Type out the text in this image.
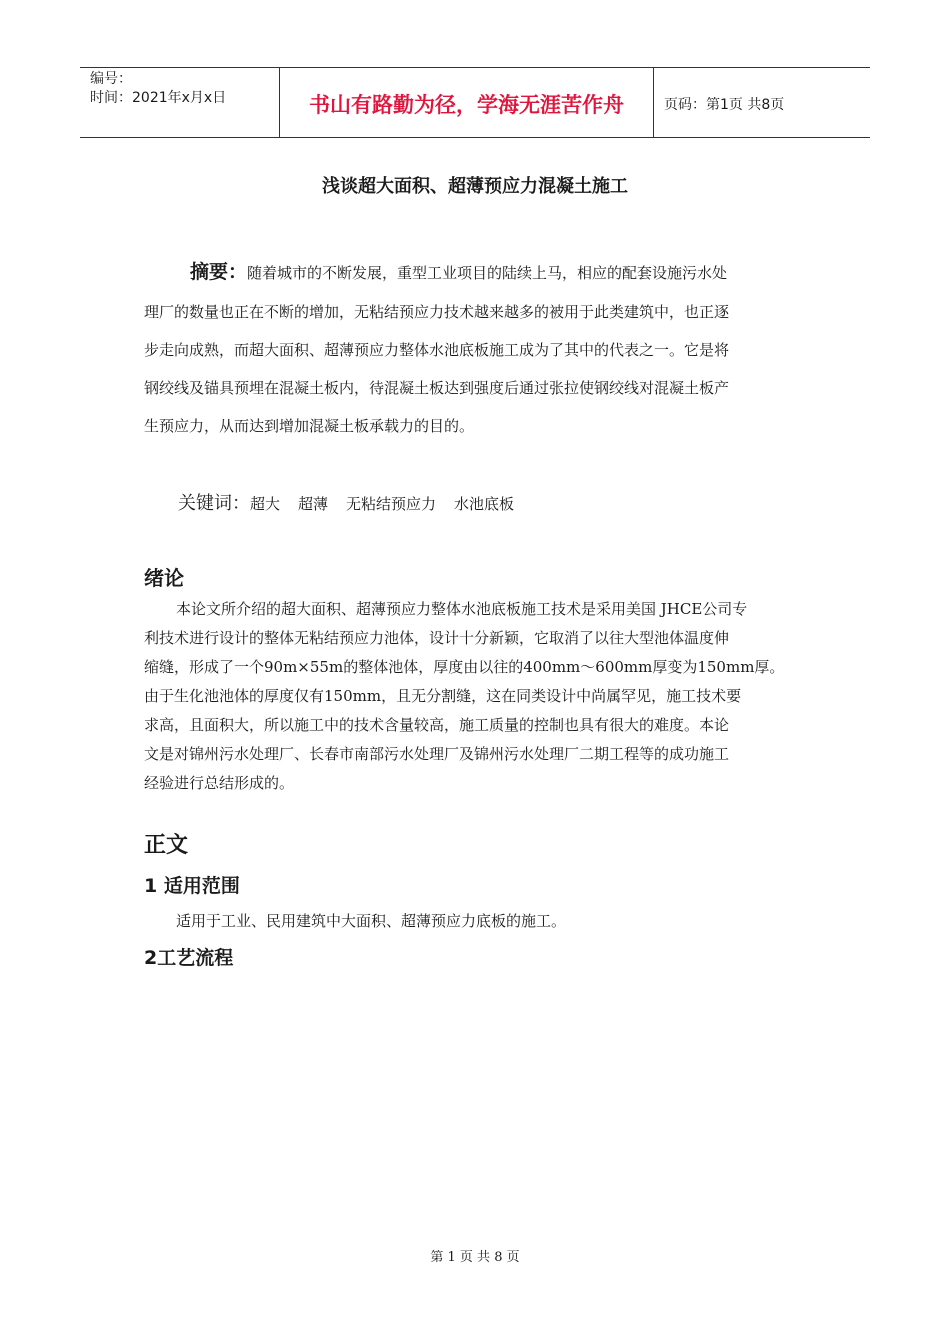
编号：
时间：2021年x月x日	书山有路勤为径，学海无涯苦作舟	页码：第1页 共8页
浅谈超大面积、超薄预应力混凝土施工
摘要：随着城市的不断发展，重型工业项目的陆续上马，相应的配套设施污水处

理厂的数量也正在不断的增加，无粘结预应力技术越来越多的被用于此类建筑中，也正逐

步走向成熟，而超大面积、超薄预应力整体水池底板施工成为了其中的代表之一。它是将

钢绞线及锚具预埋在混凝土板内，待混凝土板达到强度后通过张拉使钢绞线对混凝土板产

生预应力，从而达到增加混凝土板承载力的目的。

关键词：超大 超薄 无粘结预应力 水池底板
绪论

本论文所介绍的超大面积、超薄预应力整体水池底板施工技术是采用美国 JHCE公司专

利技术进行设计的整体无粘结预应力池体，设计十分新颖，它取消了以往大型池体温度伸

缩缝，形成了一个90m×55m的整体池体，厚度由以往的400mm～600mm厚变为150mm厚。

由于生化池池体的厚度仅有150mm，且无分割缝，这在同类设计中尚属罕见，施工技术要

求高，且面积大，所以施工中的技术含量较高，施工质量的控制也具有很大的难度。本论

文是对锦州污水处理厂、长春市南部污水处理厂及锦州污水处理厂二期工程等的成功施工

经验进行总结形成的。

正文
1 适用范围
适用于工业、民用建筑中大面积、超薄预应力底板的施工。
2工艺流程
第 1 页 共 8 页
